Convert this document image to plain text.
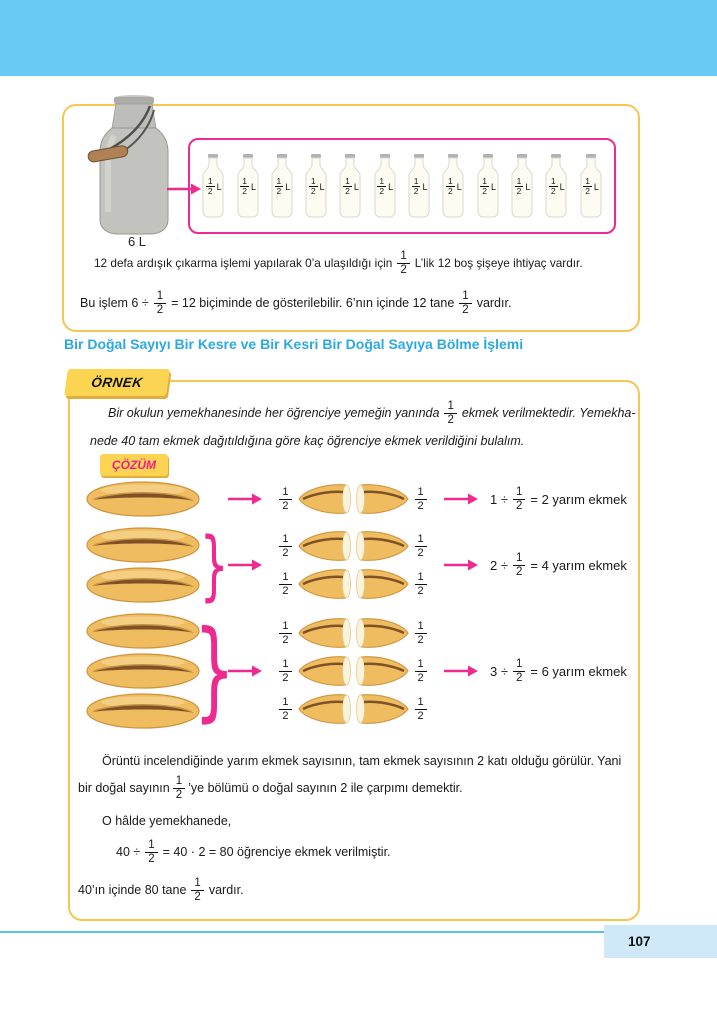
6 L
$\frac{1}{2}$ L $\frac{1}{2}$ L $\frac{1}{2}$ L $\frac{1}{2}$ L $\frac{1}{2}$ L $\frac{1}{2}$ L $\frac{1}{2}$ L $\frac{1}{2}$ L $\frac{1}{2}$ L $\frac{1}{2}$ L $\frac{1}{2}$ L $\frac{1}{2}$ L
12 defa ardışık çıkarma işlemi yapılarak 0’a ulaşıldığı için $\frac{1}{2}$ L’lik 12 boş şişeye ihtiyaç vardır.
Bu işlem $6 \div \frac{1}{2} = 12$ biçiminde de gösterilebilir. 6’nın içinde 12 tane $\frac{1}{2}$ vardır.
Bir Doğal Sayıyı Bir Kesre ve Bir Kesri Bir Doğal Sayıya Bölme İşlemi
ÖRNEK
Bir okulun yemekhanesinde her öğrenciye yemeğin yanında $\frac{1}{2}$ ekmek verilmektedir. Yemekha-
nede 40 tam ekmek dağıtıldığına göre kaç öğrenciye ekmek verildiğini bulalım.
ÇÖZÜM
$\frac{1}{2}$	$\frac{1}{2}$	$1 \div \frac{1}{2} = 2$ yarım ekmek
}	$\frac{1}{2}$	$\frac{1}{2}$
$\frac{1}{2}$	$\frac{1}{2}$
$2 \div \frac{1}{2} = 4$ yarım ekmek
}	$\frac{1}{2}$	$\frac{1}{2}$
$\frac{1}{2}$	$\frac{1}{2}$
$\frac{1}{2}$	$\frac{1}{2}$
$3 \div \frac{1}{2} = 6$ yarım ekmek
Örüntü incelendiğinde yarım ekmek sayısının, tam ekmek sayısının 2 katı olduğu görülür. Yani
bir doğal sayının $\frac{1}{2}$ ’ye bölümü o doğal sayının 2 ile çarpımı demektir.
O hâlde yemekhanede,
$40 \div \frac{1}{2} = 40 \cdot 2 = 80$ öğrenciye ekmek verilmiştir.
40’ın içinde 80 tane $\frac{1}{2}$ vardır.
107
